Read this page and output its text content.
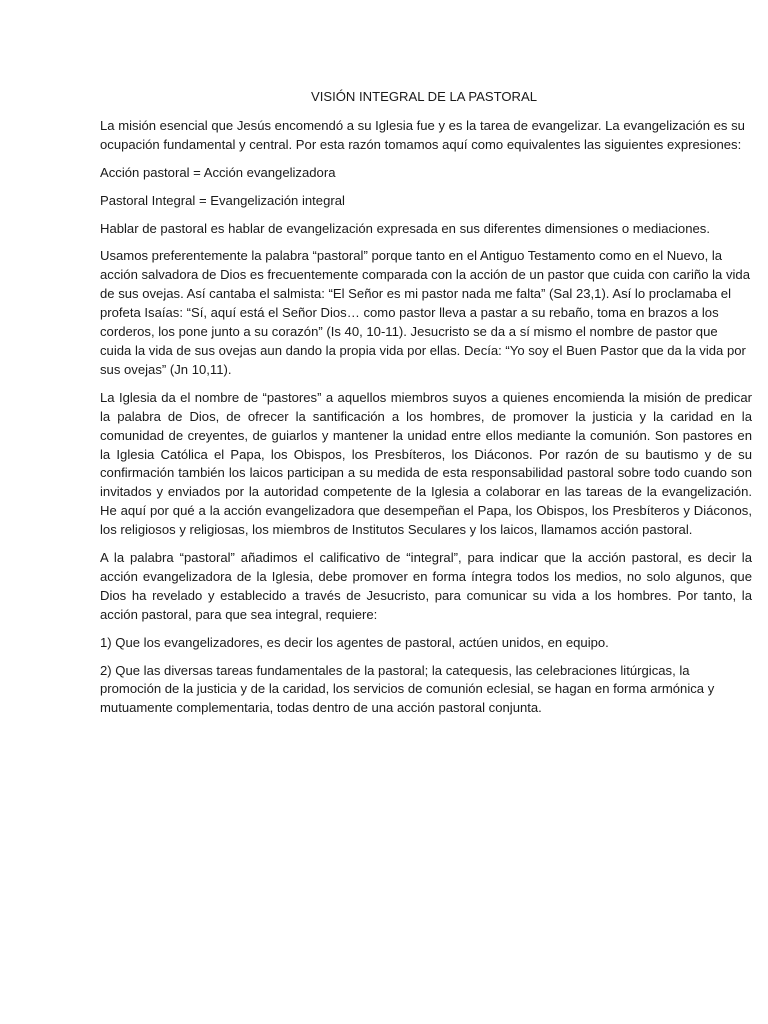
VISIÓN INTEGRAL DE LA PASTORAL

La misión esencial que Jesús encomendó a su Iglesia fue y es la tarea de evangelizar. La evangelización es su ocupación fundamental y central. Por esta razón tomamos aquí como equivalentes las siguientes expresiones:

Acción pastoral = Acción evangelizadora

Pastoral Integral = Evangelización integral

Hablar de pastoral es hablar de evangelización expresada en sus diferentes dimensiones o mediaciones.

Usamos preferentemente la palabra “pastoral” porque tanto en el Antiguo Testamento como en el Nuevo, la acción salvadora de Dios es frecuentemente comparada con la acción de un pastor que cuida con cariño la vida de sus ovejas. Así cantaba el salmista: “El Señor es mi pastor nada me falta” (Sal 23,1). Así lo proclamaba el profeta Isaías: “Sí, aquí está el Señor Dios… como pastor lleva a pastar a su rebaño, toma en brazos a los corderos, los pone junto a su corazón” (Is 40, 10-11). Jesucristo se da a sí mismo el nombre de pastor que cuida la vida de sus ovejas aun dando la propia vida por ellas. Decía: “Yo soy el Buen Pastor que da la vida por sus ovejas” (Jn 10,11).

La Iglesia da el nombre de “pastores” a aquellos miembros suyos a quienes encomienda la misión de predicar la palabra de Dios, de ofrecer la santificación a los hombres, de promover la justicia y la caridad en la comunidad de creyentes, de guiarlos y mantener la unidad entre ellos mediante la comunión. Son pastores en la Iglesia Católica el Papa, los Obispos, los Presbíteros, los Diáconos. Por razón de su bautismo y de su confirmación también los laicos participan a su medida de esta responsabilidad pastoral sobre todo cuando son invitados y enviados por la autoridad competente de la Iglesia a colaborar en las tareas de la evangelización. He aquí por qué a la acción evangelizadora que desempeñan el Papa, los Obispos, los Presbíteros y Diáconos, los religiosos y religiosas, los miembros de Institutos Seculares y los laicos, llamamos acción pastoral.

A la palabra “pastoral” añadimos el calificativo de “integral”, para indicar que la acción pastoral, es decir la acción evangelizadora de la Iglesia, debe promover en forma íntegra todos los medios, no solo algunos, que Dios ha revelado y establecido a través de Jesucristo, para comunicar su vida a los hombres. Por tanto, la acción pastoral, para que sea integral, requiere:

1) Que los evangelizadores, es decir los agentes de pastoral, actúen unidos, en equipo.

2) Que las diversas tareas fundamentales de la pastoral; la catequesis, las celebraciones litúrgicas, la promoción de la justicia y de la caridad, los servicios de comunión eclesial, se hagan en forma armónica y mutuamente complementaria, todas dentro de una acción pastoral conjunta.
